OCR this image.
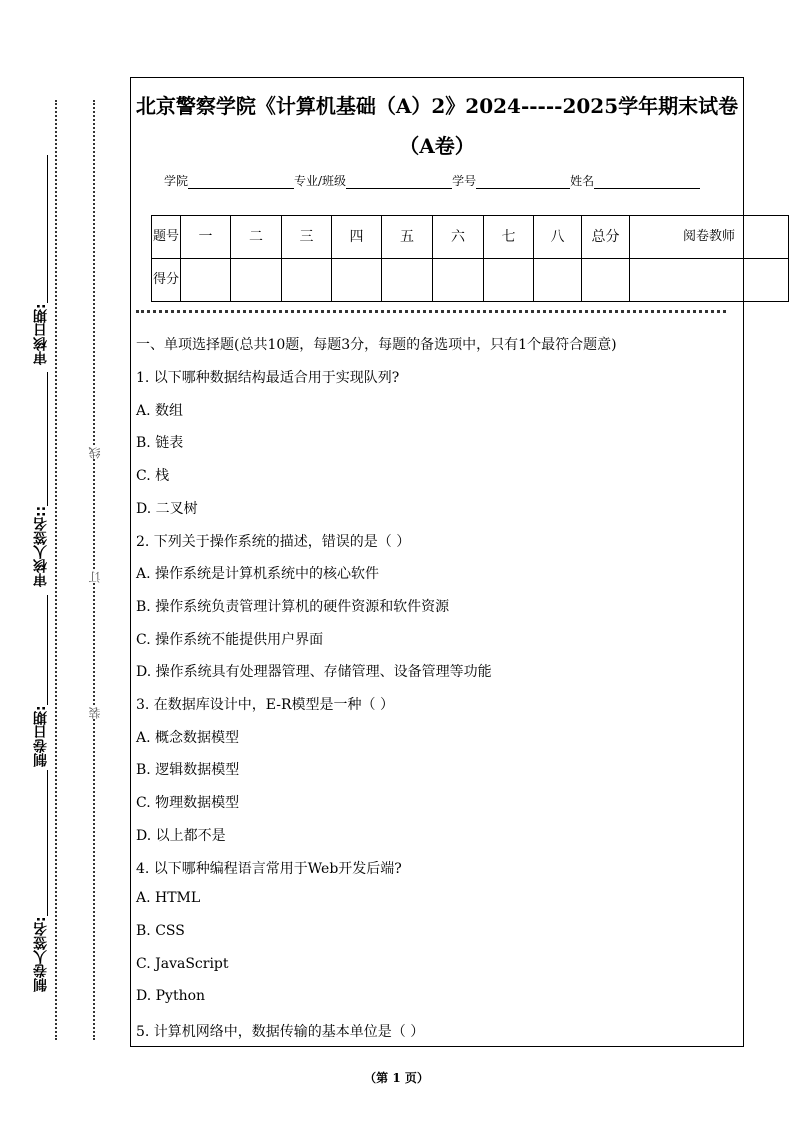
审核日期:
审核人签名::
制卷日期:
制卷人签名:
线
订
装
北京警察学院《计算机基础（A）2》2024-----2025学年期末试卷
（A卷）
学院	专业/班级	学号	姓名
题号	一	二	三	四	五	六	七	八	总分	阅卷教师
得分										
一、单项选择题(总共10题，每题3分，每题的备选项中，只有1个最符合题意)
1. 以下哪种数据结构最适合用于实现队列?
A. 数组
B. 链表
C. 栈
D. 二叉树
2. 下列关于操作系统的描述，错误的是（ ）
A. 操作系统是计算机系统中的核心软件
B. 操作系统负责管理计算机的硬件资源和软件资源
C. 操作系统不能提供用户界面
D. 操作系统具有处理器管理、存储管理、设备管理等功能
3. 在数据库设计中，E-R模型是一种（ ）
A. 概念数据模型
B. 逻辑数据模型
C. 物理数据模型
D. 以上都不是
4. 以下哪种编程语言常用于Web开发后端?
A. HTML
B. CSS
C. JavaScript
D. Python
5. 计算机网络中，数据传输的基本单位是（ ）
（第 1 页）
